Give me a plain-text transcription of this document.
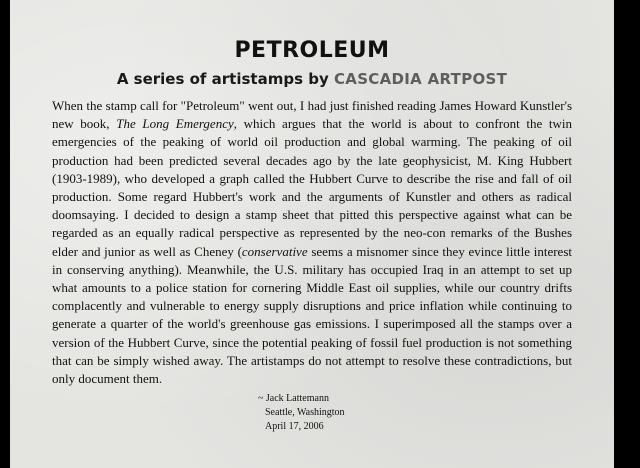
PETROLEUM
A series of artistamps by CASCADIA ARTPOST

When the stamp call for "Petroleum" went out, I had just finished reading James Howard Kunstler's new book, The Long Emergency, which argues that the world is about to confront the twin emergencies of the peaking of world oil production and global warming. The peaking of oil production had been predicted several decades ago by the late geophysicist, M. King Hubbert (1903-1989), who developed a graph called the Hubbert Curve to describe the rise and fall of oil production. Some regard Hubbert's work and the arguments of Kunstler and others as radical doomsaying. I decided to design a stamp sheet that pitted this perspective against what can be regarded as an equally radical perspective as represented by the neo-con remarks of the Bushes elder and junior as well as Cheney (conservative seems a misnomer since they evince little interest in conserving anything). Meanwhile, the U.S. military has occupied Iraq in an attempt to set up what amounts to a police station for cornering Middle East oil supplies, while our country drifts complacently and vulnerable to energy supply disruptions and price inflation while continuing to generate a quarter of the world's greenhouse gas emissions. I superimposed all the stamps over a version of the Hubbert Curve, since the potential peaking of fossil fuel production is not something that can be simply wished away. The artistamps do not attempt to resolve these contradictions, but only document them.

~ Jack Lattemann
Seattle, Washington
April 17, 2006
